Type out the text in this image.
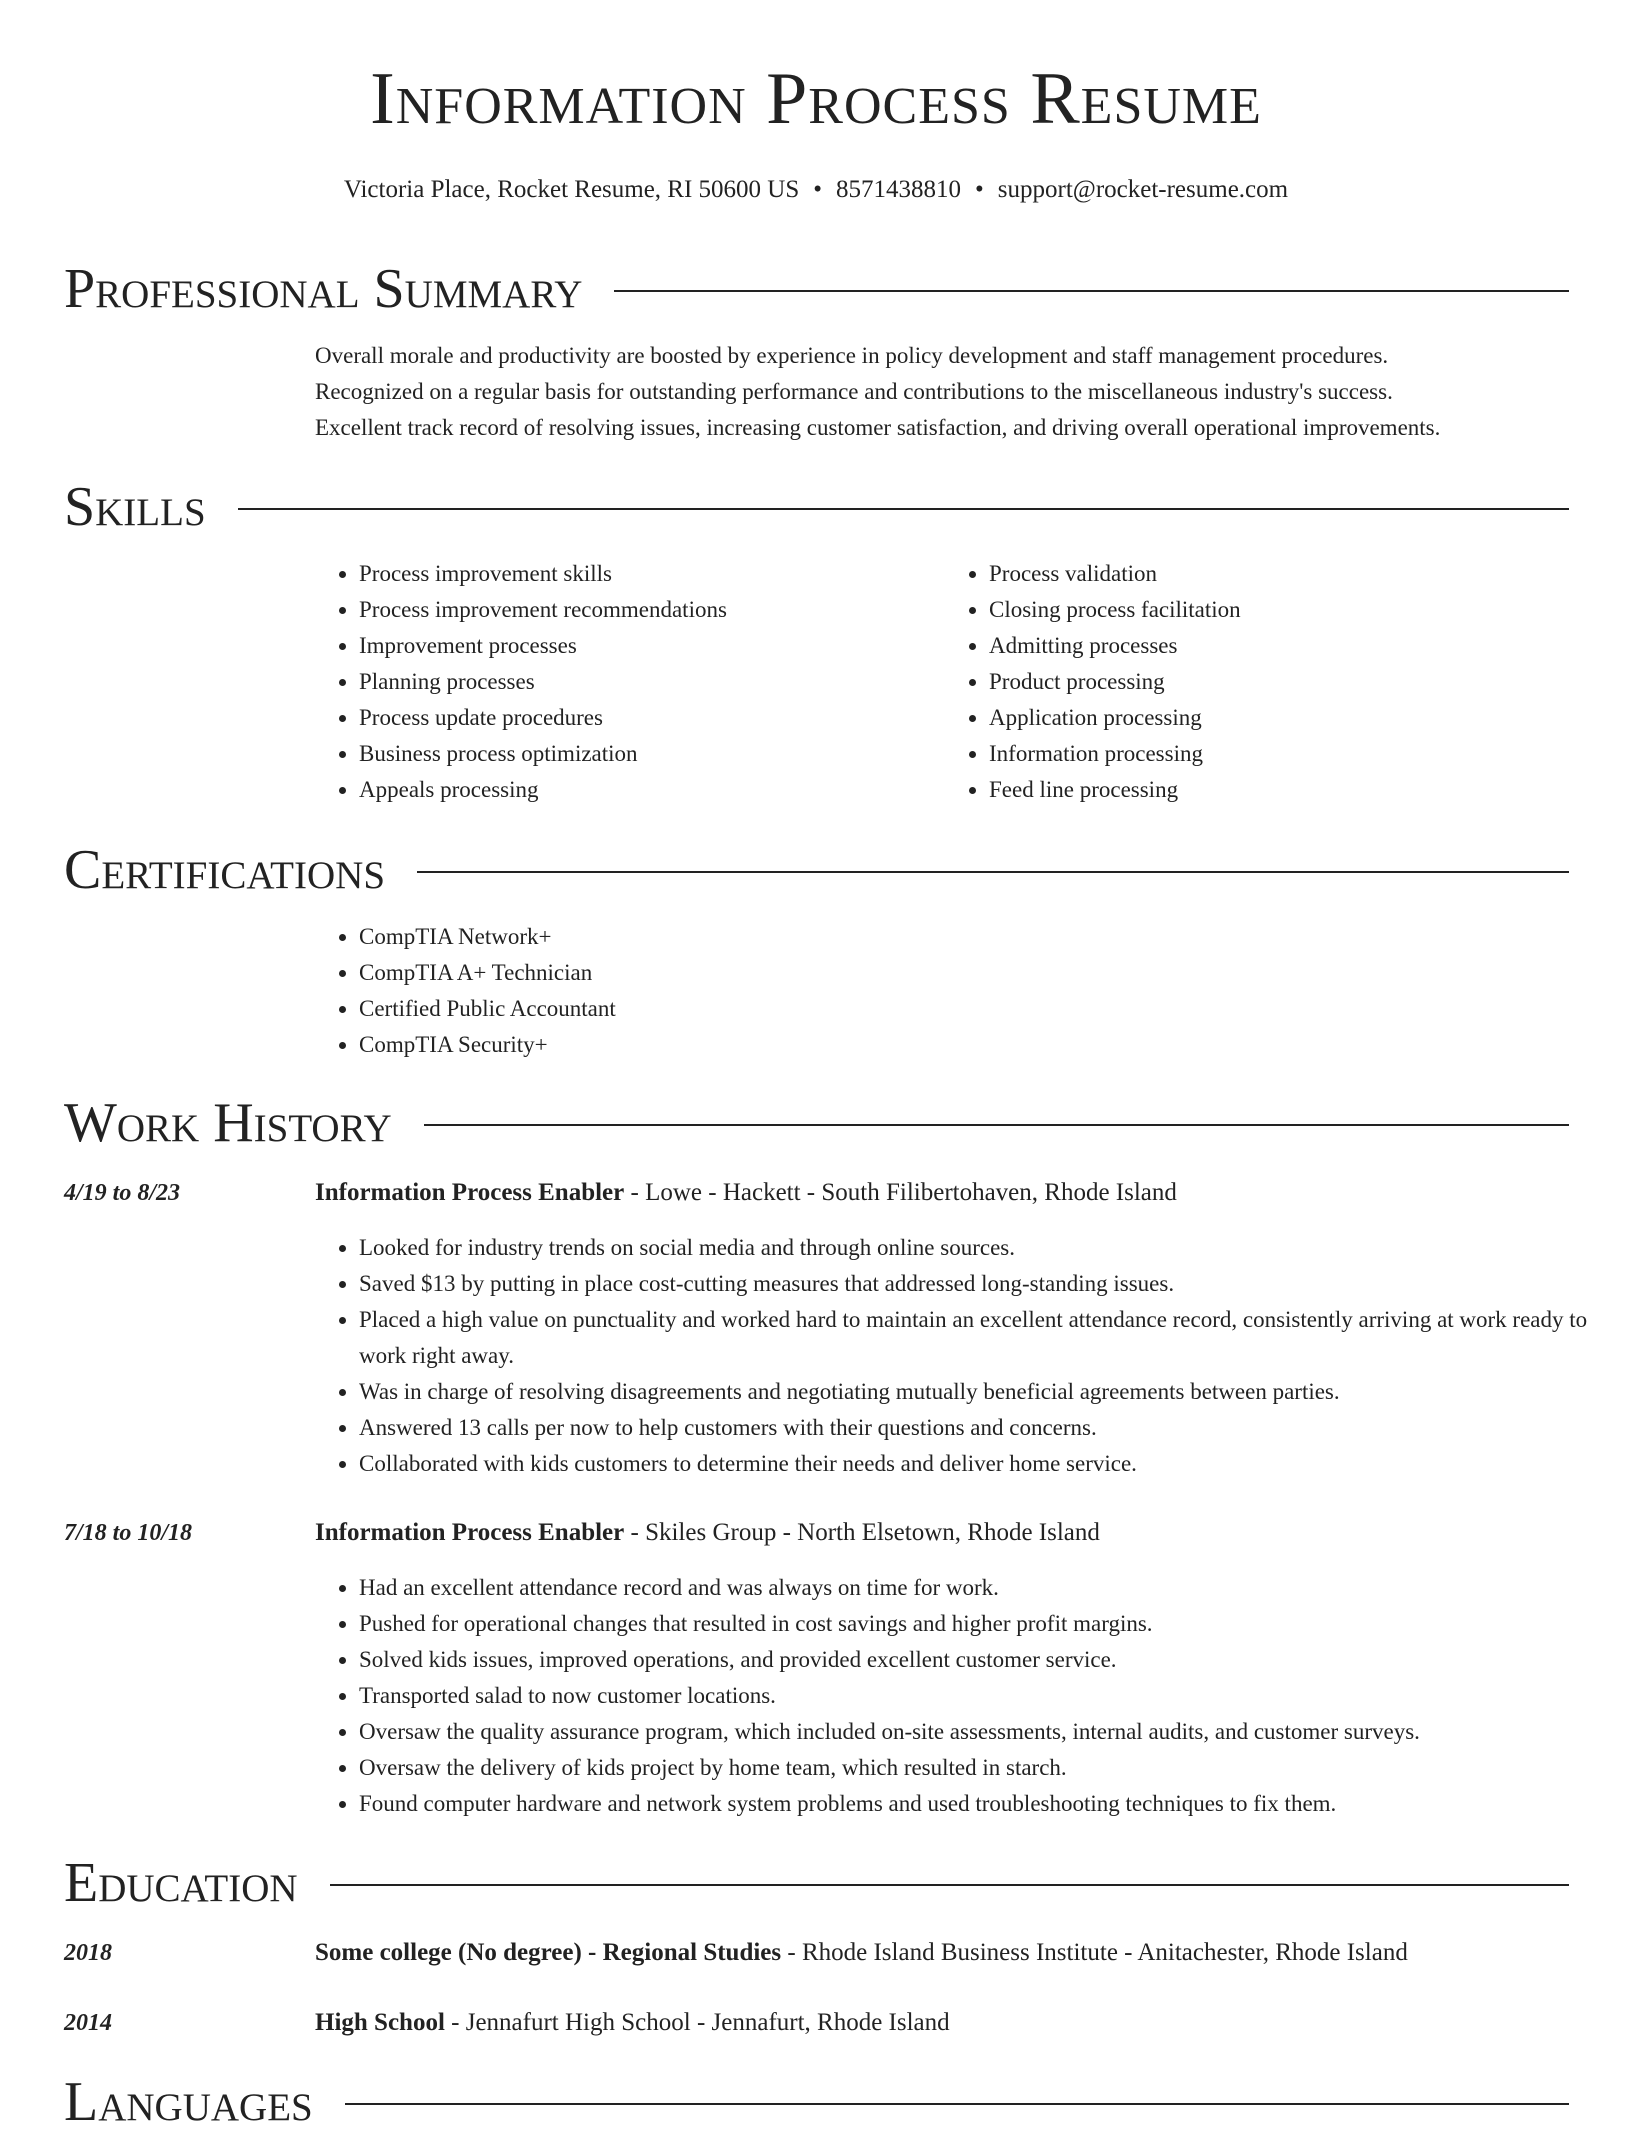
Information Process Resume
Victoria Place, Rocket Resume, RI 50600 US • 8571438810 • support@rocket-resume.com
Professional Summary
Overall morale and productivity are boosted by experience in policy development and staff management procedures.
Recognized on a regular basis for outstanding performance and contributions to the miscellaneous industry's success.
Excellent track record of resolving issues, increasing customer satisfaction, and driving overall operational improvements.
Skills
• Process improvement skills
• Process improvement recommendations
• Improvement processes
• Planning processes
• Process update procedures
• Business process optimization
• Appeals processing
• Process validation
• Closing process facilitation
• Admitting processes
• Product processing
• Application processing
• Information processing
• Feed line processing
Certifications
• CompTIA Network+
• CompTIA A+ Technician
• Certified Public Accountant
• CompTIA Security+
Work History
4/19 to 8/23	Information Process Enabler - Lowe - Hackett - South Filibertohaven, Rhode Island
• Looked for industry trends on social media and through online sources.
• Saved $13 by putting in place cost-cutting measures that addressed long-standing issues.
• Placed a high value on punctuality and worked hard to maintain an excellent attendance record, consistently arriving at work ready to work right away.
• Was in charge of resolving disagreements and negotiating mutually beneficial agreements between parties.
• Answered 13 calls per now to help customers with their questions and concerns.
• Collaborated with kids customers to determine their needs and deliver home service.
7/18 to 10/18	Information Process Enabler - Skiles Group - North Elsetown, Rhode Island
• Had an excellent attendance record and was always on time for work.
• Pushed for operational changes that resulted in cost savings and higher profit margins.
• Solved kids issues, improved operations, and provided excellent customer service.
• Transported salad to now customer locations.
• Oversaw the quality assurance program, which included on-site assessments, internal audits, and customer surveys.
• Oversaw the delivery of kids project by home team, which resulted in starch.
• Found computer hardware and network system problems and used troubleshooting techniques to fix them.
Education
2018	Some college (No degree) - Regional Studies - Rhode Island Business Institute - Anitachester, Rhode Island
2014	High School - Jennafurt High School - Jennafurt, Rhode Island
Languages
